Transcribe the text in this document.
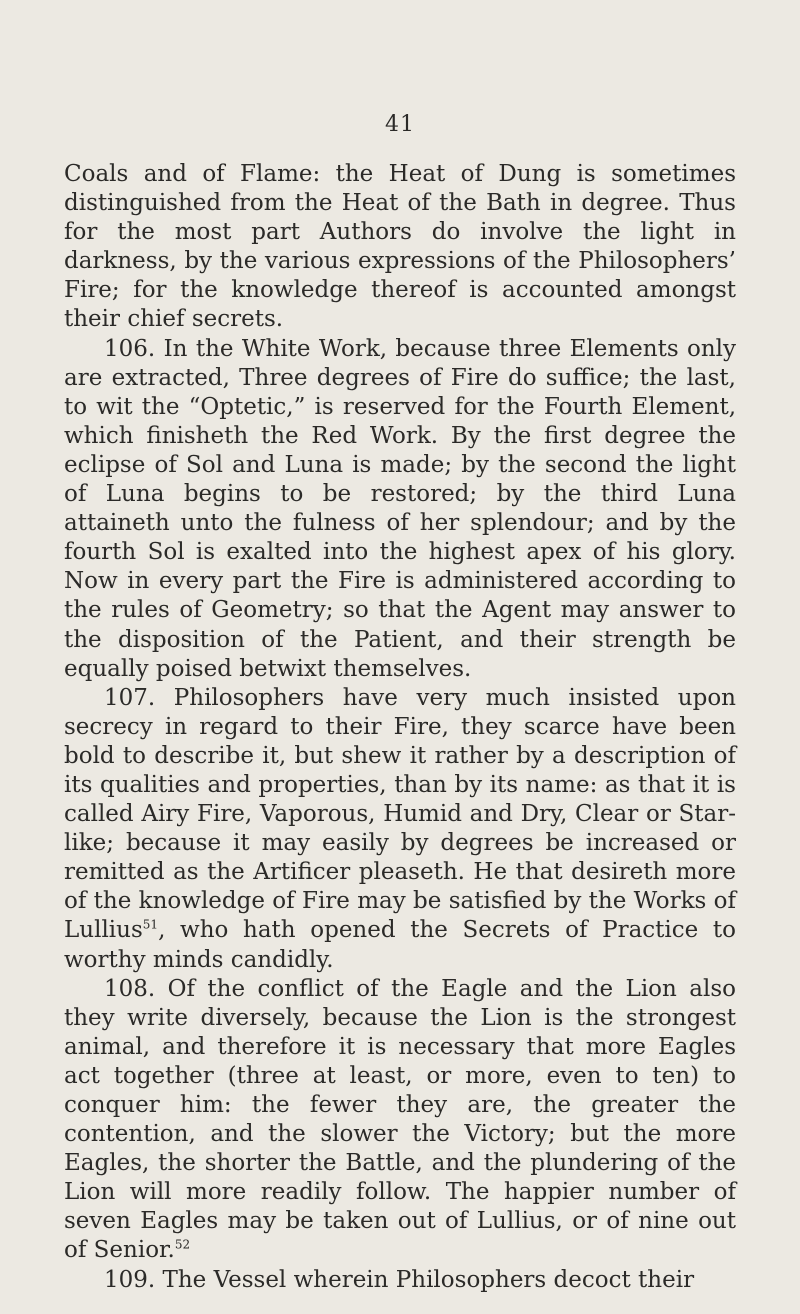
41

Coals and of Flame: the Heat of Dung is sometimes distinguished from the Heat of the Bath in degree. Thus for the most part Authors do involve the light in darkness, by the various expressions of the Philosophers’ Fire; for the knowledge thereof is accounted amongst their chief secrets.

106. In the White Work, because three Elements only are extracted, Three degrees of Fire do suffice; the last, to wit the “Optetic,” is reserved for the Fourth Element, which finisheth the Red Work. By the first degree the eclipse of Sol and Luna is made; by the second the light of Luna begins to be restored; by the third Luna attaineth unto the fulness of her splendour; and by the fourth Sol is exalted into the highest apex of his glory. Now in every part the Fire is administered according to the rules of Geometry; so that the Agent may answer to the disposition of the Patient, and their strength be equally poised betwixt themselves.

107. Philosophers have very much insisted upon secrecy in regard to their Fire, they scarce have been bold to describe it, but shew it rather by a description of its qualities and properties, than by its name: as that it is called Airy Fire, Vaporous, Humid and Dry, Clear or Star-like; because it may easily by degrees be increased or remitted as the Artificer pleaseth. He that desireth more of the knowledge of Fire may be satisfied by the Works of Lullius$^{51}$, who hath opened the Secrets of Practice to worthy minds candidly.

108. Of the conflict of the Eagle and the Lion also they write diversely, because the Lion is the strongest animal, and therefore it is necessary that more Eagles act together (three at least, or more, even to ten) to conquer him: the fewer they are, the greater the contention, and the slower the Victory; but the more Eagles, the shorter the Battle, and the plundering of the Lion will more readily follow. The happier number of seven Eagles may be taken out of Lullius, or of nine out of Senior.$^{52}$

109. The Vessel wherein Philosophers decoct their
